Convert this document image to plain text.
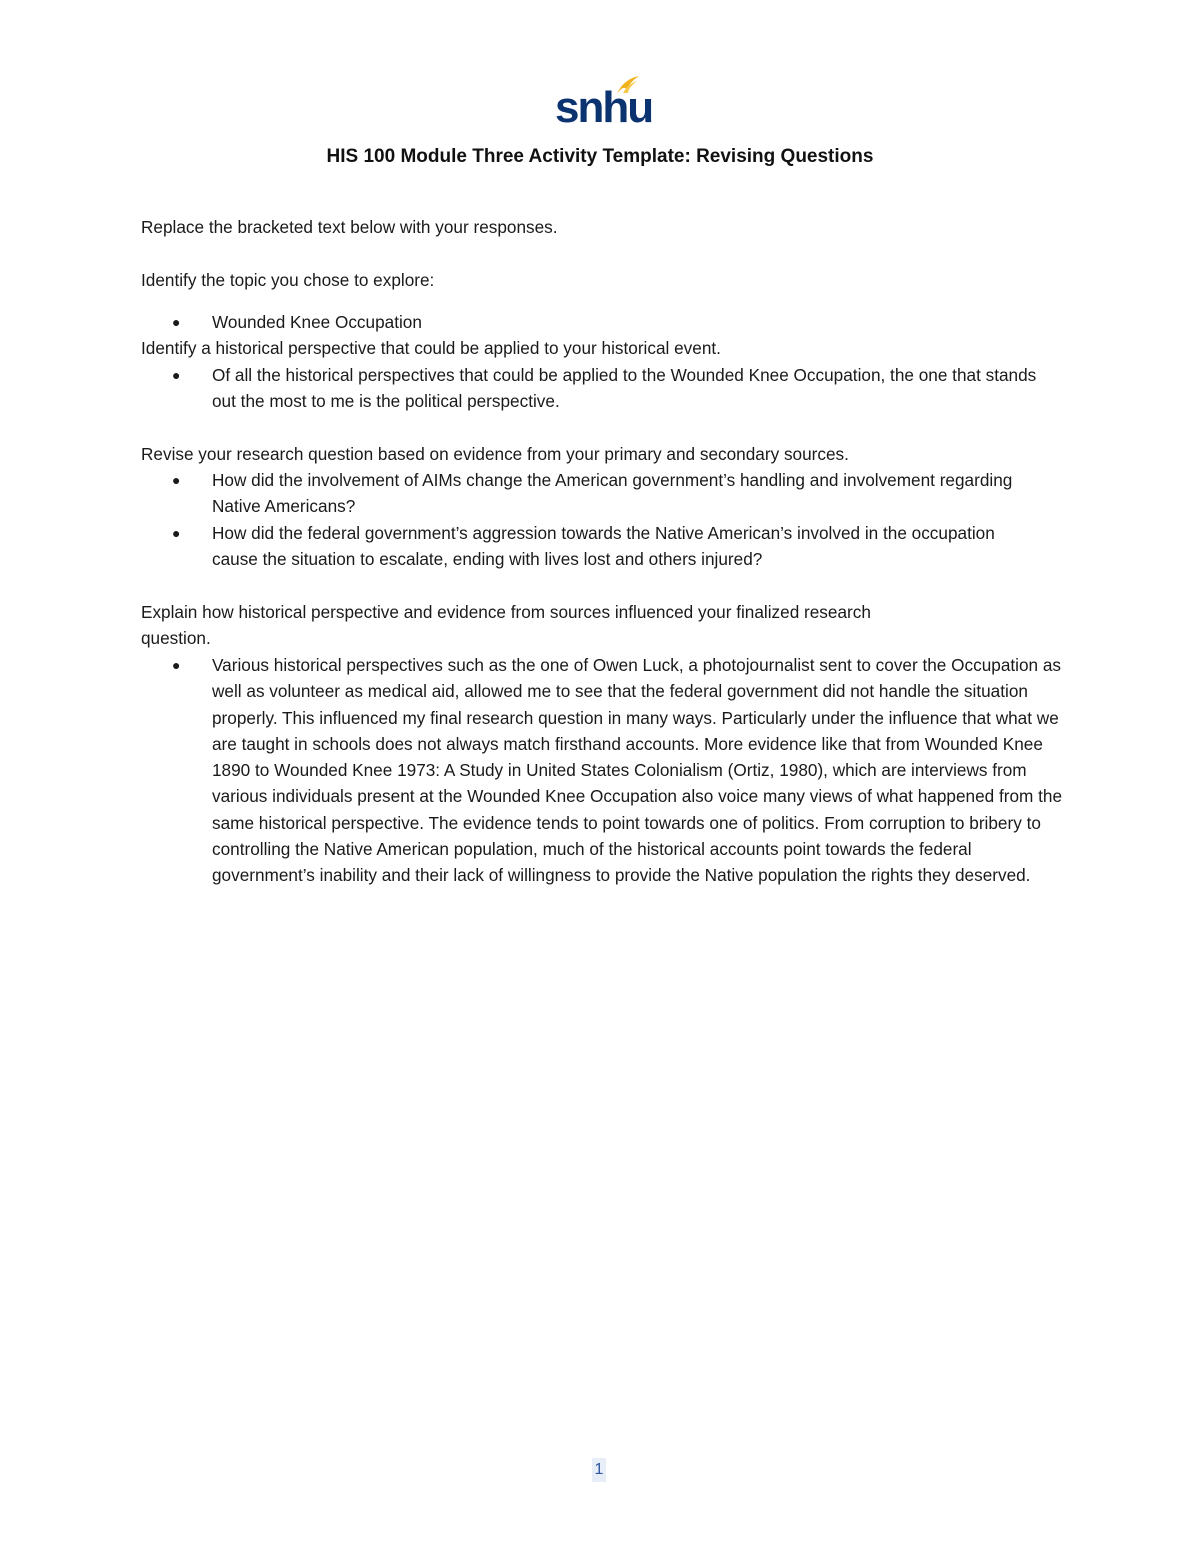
snhu
HIS 100 Module Three Activity Template: Revising Questions
Replace the bracketed text below with your responses.
Identify the topic you chose to explore:
●	Wounded Knee Occupation
Identify a historical perspective that could be applied to your historical event.
●	Of all the historical perspectives that could be applied to the Wounded Knee Occupation, the one that stands out the most to me is the political perspective.
Revise your research question based on evidence from your primary and secondary sources.
●	How did the involvement of AIMs change the American government’s handling and involvement regarding Native Americans?
●	How did the federal government’s aggression towards the Native American’s involved in the occupation cause the situation to escalate, ending with lives lost and others injured?
Explain how historical perspective and evidence from sources influenced your finalized research
question.
●	Various historical perspectives such as the one of Owen Luck, a photojournalist sent to cover the Occupation as well as volunteer as medical aid, allowed me to see that the federal government did not handle the situation properly. This influenced my final research question in many ways. Particularly under the influence that what we are taught in schools does not always match firsthand accounts. More evidence like that from Wounded Knee 1890 to Wounded Knee 1973: A Study in United States Colonialism (Ortiz, 1980), which are interviews from various individuals present at the Wounded Knee Occupation also voice many views of what happened from the same historical perspective. The evidence tends to point towards one of politics. From corruption to bribery to controlling the Native American population, much of the historical accounts point towards the federal government’s inability and their lack of willingness to provide the Native population the rights they deserved.
1
